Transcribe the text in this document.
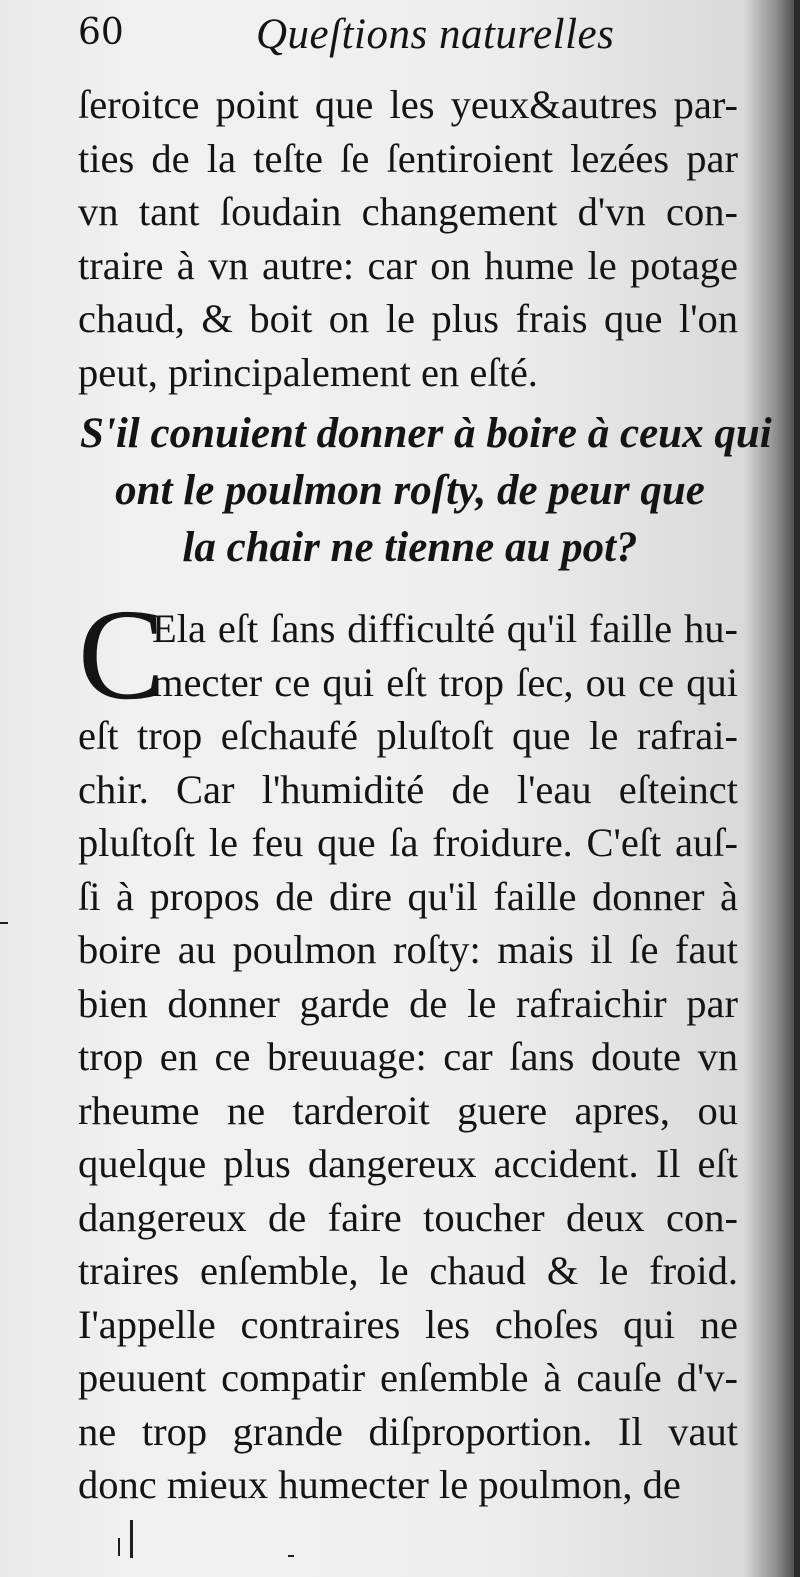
60	Queſtions naturelles
ſeroitce point que les yeux&autres par-
ties de la teſte ſe ſentiroient lezées par
vn tant ſoudain changement d'vn con-
traire à vn autre: car on hume le potage
chaud, & boit on le plus frais que l'on
peut, principalement en eſté.
S'il conuient donner à boire à ceux qui
ont le poulmon roſty, de peur que
la chair ne tienne au pot?
C
Ela eſt ſans difficulté qu'il faille hu-
mecter ce qui eſt trop ſec, ou ce qui
eſt trop eſchaufé pluſtoſt que le rafrai-
chir. Car l'humidité de l'eau eſteinct
pluſtoſt le feu que ſa froidure. C'eſt auſ-
ſi à propos de dire qu'il faille donner à
boire au poulmon roſty: mais il ſe faut
bien donner garde de le rafraichir par
trop en ce breuuage: car ſans doute vn
rheume ne tarderoit guere apres, ou
quelque plus dangereux accident. Il eſt
dangereux de faire toucher deux con-
traires enſemble, le chaud & le froid.
I'appelle contraires les choſes qui ne
peuuent compatir enſemble à cauſe d'v-
ne trop grande diſproportion. Il vaut
donc mieux humecter le poulmon, de
